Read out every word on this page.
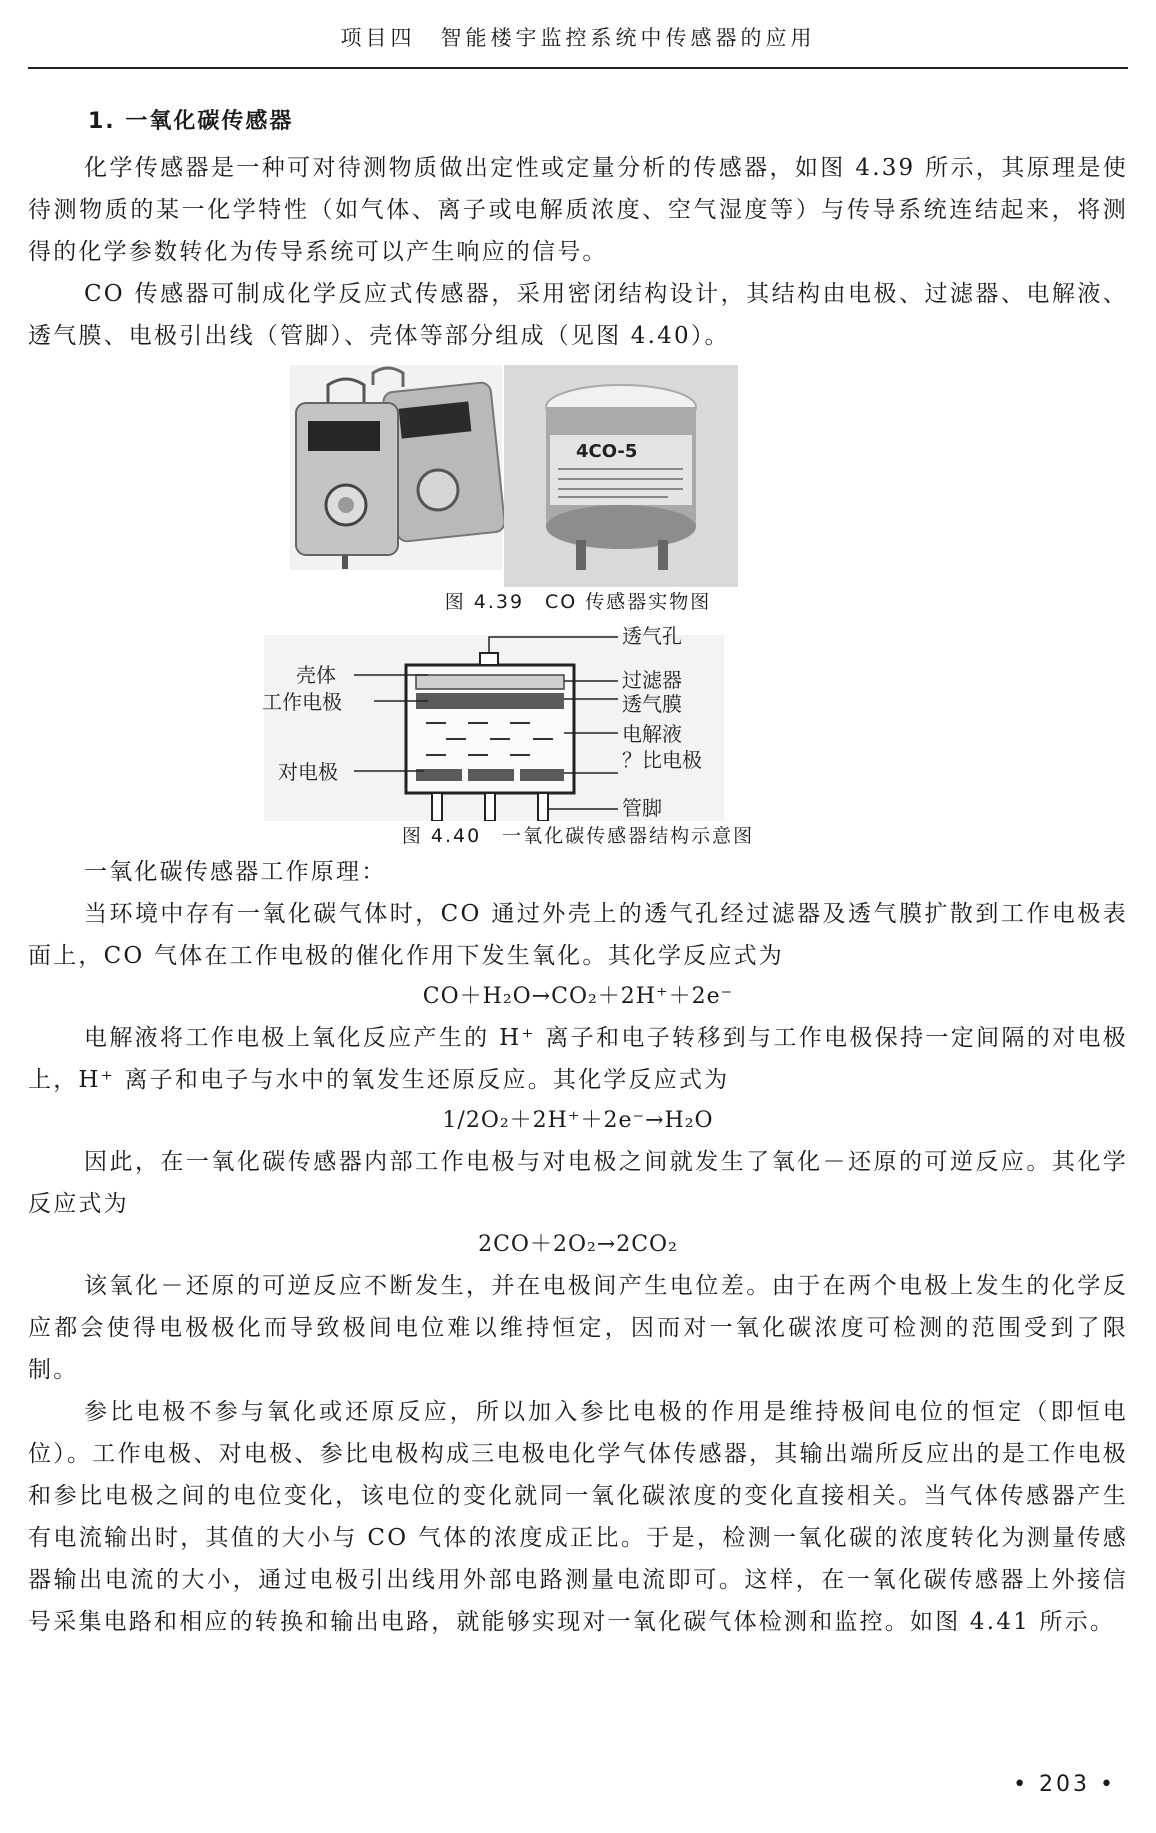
项目四　智能楼宇监控系统中传感器的应用
1. 一氧化碳传感器

化学传感器是一种可对待测物质做出定性或定量分析的传感器，如图 4.39 所示，其原理是使待测物质的某一化学特性（如气体、离子或电解质浓度、空气湿度等）与传导系统连结起来，将测得的化学参数转化为传导系统可以产生响应的信号。

CO 传感器可制成化学反应式传感器，采用密闭结构设计，其结构由电极、过滤器、电解液、透气膜、电极引出线（管脚）、壳体等部分组成（见图 4.40）。

4CO-5
图 4.39　CO 传感器实物图
壳体
工作电极
对电极
透气孔
过滤器
透气膜
电解液
？比电极
管脚
图 4.40　一氧化碳传感器结构示意图

一氧化碳传感器工作原理：

当环境中存有一氧化碳气体时，CO 通过外壳上的透气孔经过滤器及透气膜扩散到工作电极表面上，CO 气体在工作电极的催化作用下发生氧化。其化学反应式为

CO＋H₂O→CO₂＋2H⁺＋2e⁻

电解液将工作电极上氧化反应产生的 H⁺ 离子和电子转移到与工作电极保持一定间隔的对电极上，H⁺ 离子和电子与水中的氧发生还原反应。其化学反应式为

1/2O₂＋2H⁺＋2e⁻→H₂O

因此，在一氧化碳传感器内部工作电极与对电极之间就发生了氧化－还原的可逆反应。其化学反应式为

2CO＋2O₂→2CO₂

该氧化－还原的可逆反应不断发生，并在电极间产生电位差。由于在两个电极上发生的化学反应都会使得电极极化而导致极间电位难以维持恒定，因而对一氧化碳浓度可检测的范围受到了限制。

参比电极不参与氧化或还原反应，所以加入参比电极的作用是维持极间电位的恒定（即恒电位）。工作电极、对电极、参比电极构成三电极电化学气体传感器，其输出端所反应出的是工作电极和参比电极之间的电位变化，该电位的变化就同一氧化碳浓度的变化直接相关。当气体传感器产生有电流输出时，其值的大小与 CO 气体的浓度成正比。于是，检测一氧化碳的浓度转化为测量传感器输出电流的大小，通过电极引出线用外部电路测量电流即可。这样，在一氧化碳传感器上外接信号采集电路和相应的转换和输出电路，就能够实现对一氧化碳气体检测和监控。如图 4.41 所示。

• 203 •
